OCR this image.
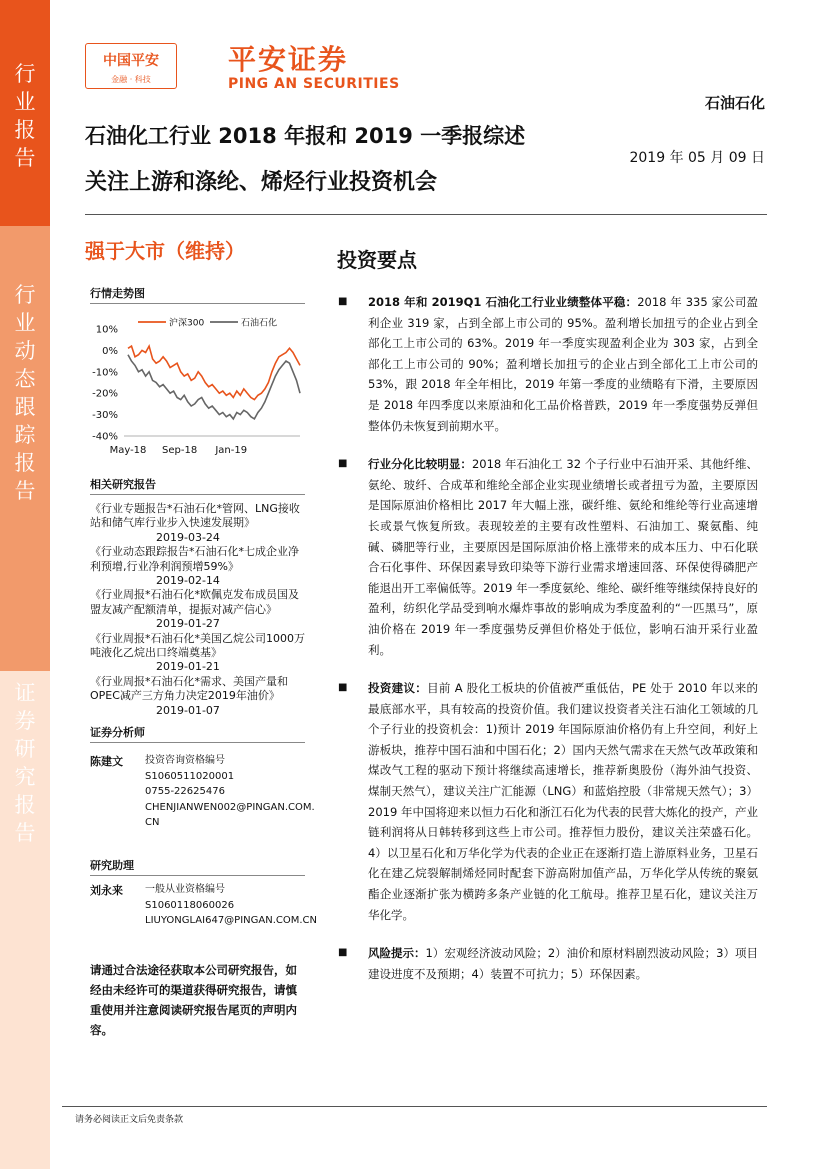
行业报告
行业动态跟踪报告
证券研究报告
中国平安
金融 · 科技
平安证券
PING AN SECURITIES
石油石化
石油化工行业 2018 年报和 2019 一季报综述
2019 年 05 月 09 日
关注上游和涤纶、烯烃行业投资机会
强于大市（维持）
行情走势图
沪深300	石油石化
10%
0%
-10%
-20%
-30%
-40%
May-18 Sep-18 Jan-19
相关研究报告
《行业专题报告*石油石化*管网、LNG接收站和储气库行业步入快速发展期》
2019-03-24
《行业动态跟踪报告*石油石化*七成企业净利预增,行业净利润预增59%》
2019-02-14
《行业周报*石油石化*欧佩克发布成员国及盟友减产配额清单，提振对减产信心》
2019-01-27
《行业周报*石油石化*美国乙烷公司1000万吨液化乙烷出口终端奠基》
2019-01-21
《行业周报*石油石化*需求、美国产量和OPEC减产三方角力决定2019年油价》
2019-01-07
证券分析师
陈建文 投资咨询资格编号
S1060511020001
0755-22625476
CHENJIANWEN002@PINGAN.COM.
CN
研究助理
刘永来 一般从业资格编号
S1060118060026
LIUYONGLAI647@PINGAN.COM.CN
请通过合法途径获取本公司研究报告，如经由未经许可的渠道获得研究报告，请慎重使用并注意阅读研究报告尾页的声明内容。
投资要点
■ 2018 年和 2019Q1 石油化工行业业绩整体平稳：2018 年 335 家公司盈利企业 319 家，占到全部上市公司的 95%。盈利增长加扭亏的企业占到全部化工上市公司的 63%。2019 年一季度实现盈利企业为 303 家，占到全部化工上市公司的 90%；盈利增长加扭亏的企业占到全部化工上市公司的 53%，跟 2018 年全年相比，2019 年第一季度的业绩略有下滑，主要原因是 2018 年四季度以来原油和化工品价格普跌，2019 年一季度强势反弹但整体仍未恢复到前期水平。
■ 行业分化比较明显：2018 年石油化工 32 个子行业中石油开采、其他纤维、氨纶、玻纤、合成革和维纶全部企业实现业绩增长或者扭亏为盈，主要原因是国际原油价格相比 2017 年大幅上涨，碳纤维、氨纶和维纶等行业高速增长或景气恢复所致。表现较差的主要有改性塑料、石油加工、聚氨酯、纯碱、磷肥等行业，主要原因是国际原油价格上涨带来的成本压力、中石化联合石化事件、环保因素导致印染等下游行业需求增速回落、环保使得磷肥产能退出开工率偏低等。2019 年一季度氨纶、维纶、碳纤维等继续保持良好的盈利，纺织化学品受到响水爆炸事故的影响成为季度盈利的“一匹黑马”，原油价格在 2019 年一季度强势反弹但价格处于低位，影响石油开采行业盈利。
■ 投资建议：目前 A 股化工板块的价值被严重低估，PE 处于 2010 年以来的最底部水平，具有较高的投资价值。我们建议投资者关注石油化工领域的几个子行业的投资机会：1)预计 2019 年国际原油价格仍有上升空间，利好上游板块，推荐中国石油和中国石化；2）国内天然气需求在天然气改革政策和煤改气工程的驱动下预计将继续高速增长，推荐新奥股份（海外油气投资、煤制天然气），建议关注广汇能源（LNG）和蓝焰控股（非常规天然气）；3）2019 年中国将迎来以恒力石化和浙江石化为代表的民营大炼化的投产，产业链利润将从日韩转移到这些上市公司。推荐恒力股份，建议关注荣盛石化。4）以卫星石化和万华化学为代表的企业正在逐渐打造上游原料业务，卫星石化在建乙烷裂解制烯烃同时配套下游高附加值产品，万华化学从传统的聚氨酯企业逐渐扩张为横跨多条产业链的化工航母。推荐卫星石化，建议关注万华化学。
■ 风险提示：1）宏观经济波动风险；2）油价和原材料剧烈波动风险；3）项目建设进度不及预期；4）装置不可抗力；5）环保因素。
请务必阅读正文后免责条款
